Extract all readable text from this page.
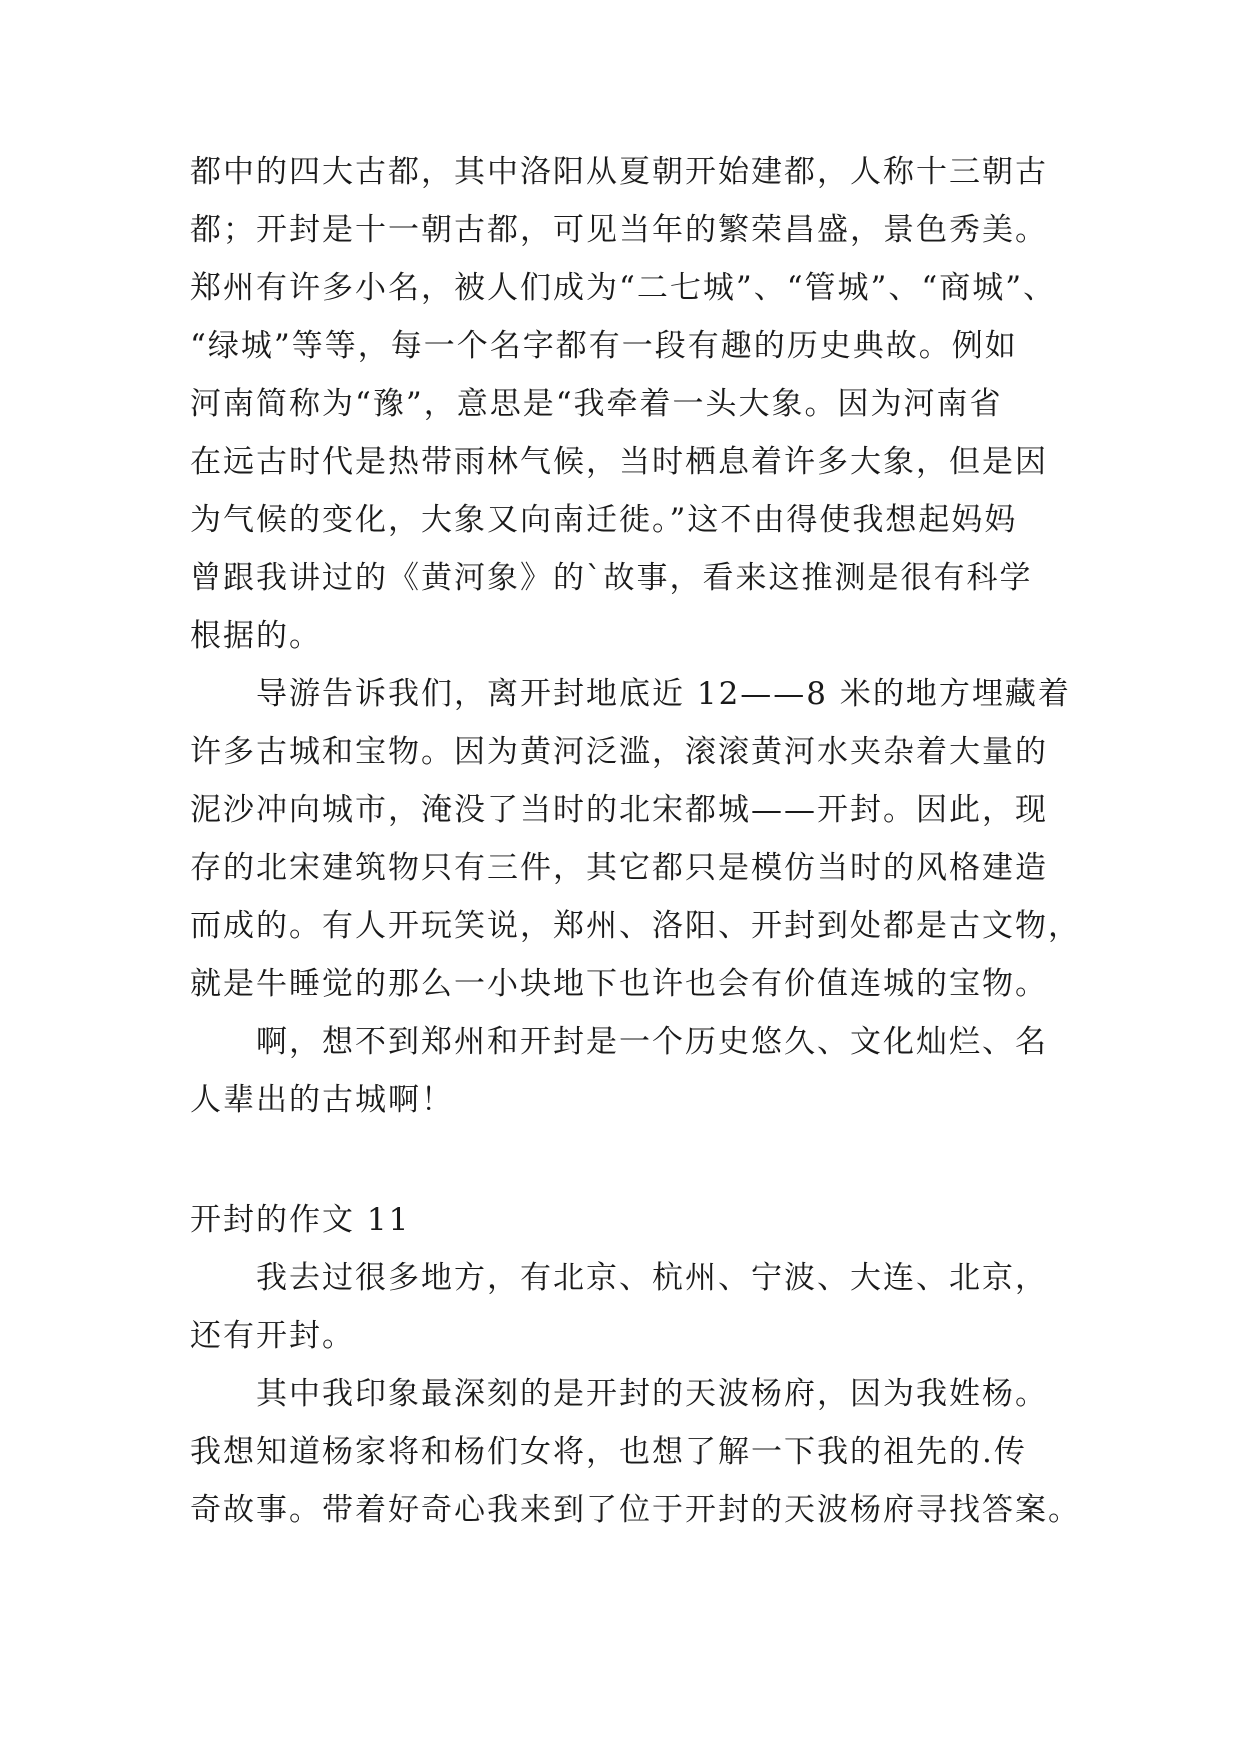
都中的四大古都，其中洛阳从夏朝开始建都，人称十三朝古
都；开封是十一朝古都，可见当年的繁荣昌盛，景色秀美。
郑州有许多小名，被人们成为“二七城”、“管城”、“商城”、
“绿城”等等，每一个名字都有一段有趣的历史典故。例如
河南简称为“豫”，意思是“我牵着一头大象。因为河南省
在远古时代是热带雨林气候，当时栖息着许多大象，但是因
为气候的变化，大象又向南迁徙。”这不由得使我想起妈妈
曾跟我讲过的《黄河象》的`故事，看来这推测是很有科学
根据的。
导游告诉我们，离开封地底近 12——8 米的地方埋藏着
许多古城和宝物。因为黄河泛滥，滚滚黄河水夹杂着大量的
泥沙冲向城市，淹没了当时的北宋都城——开封。因此，现
存的北宋建筑物只有三件，其它都只是模仿当时的风格建造
而成的。有人开玩笑说，郑州、洛阳、开封到处都是古文物，
就是牛睡觉的那么一小块地下也许也会有价值连城的宝物。
啊，想不到郑州和开封是一个历史悠久、文化灿烂、名
人辈出的古城啊！
开封的作文 11
我去过很多地方，有北京、杭州、宁波、大连、北京，
还有开封。
其中我印象最深刻的是开封的天波杨府，因为我姓杨。
我想知道杨家将和杨们女将，也想了解一下我的祖先的.传
奇故事。带着好奇心我来到了位于开封的天波杨府寻找答案。
